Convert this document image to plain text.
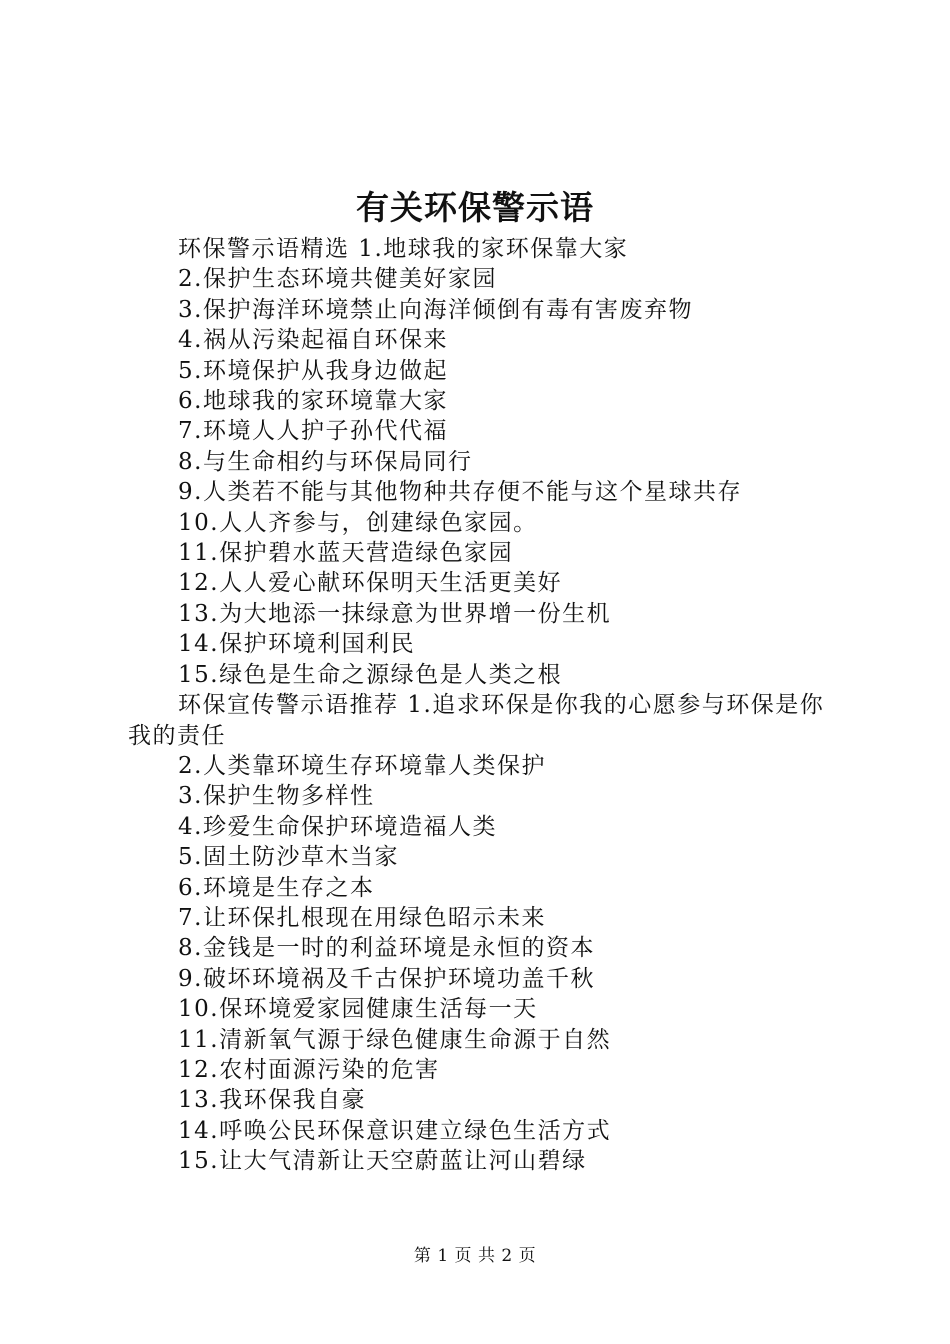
有关环保警示语

环保警示语精选 1.地球我的家环保靠大家

2.保护生态环境共健美好家园

3.保护海洋环境禁止向海洋倾倒有毒有害废弃物

4.祸从污染起福自环保来

5.环境保护从我身边做起

6.地球我的家环境靠大家

7.环境人人护子孙代代福

8.与生命相约与环保局同行

9.人类若不能与其他物种共存便不能与这个星球共存

10.人人齐参与，创建绿色家园。

11.保护碧水蓝天营造绿色家园

12.人人爱心献环保明天生活更美好

13.为大地添一抹绿意为世界增一份生机

14.保护环境利国利民

15.绿色是生命之源绿色是人类之根

环保宣传警示语推荐 1.追求环保是你我的心愿参与环保是你我的责任

2.人类靠环境生存环境靠人类保护

3.保护生物多样性

4.珍爱生命保护环境造福人类

5.固土防沙草木当家

6.环境是生存之本

7.让环保扎根现在用绿色昭示未来

8.金钱是一时的利益环境是永恒的资本

9.破坏环境祸及千古保护环境功盖千秋

10.保环境爱家园健康生活每一天

11.清新氧气源于绿色健康生命源于自然

12.农村面源污染的危害

13.我环保我自豪

14.呼唤公民环保意识建立绿色生活方式

15.让大气清新让天空蔚蓝让河山碧绿

第 1 页 共 2 页
